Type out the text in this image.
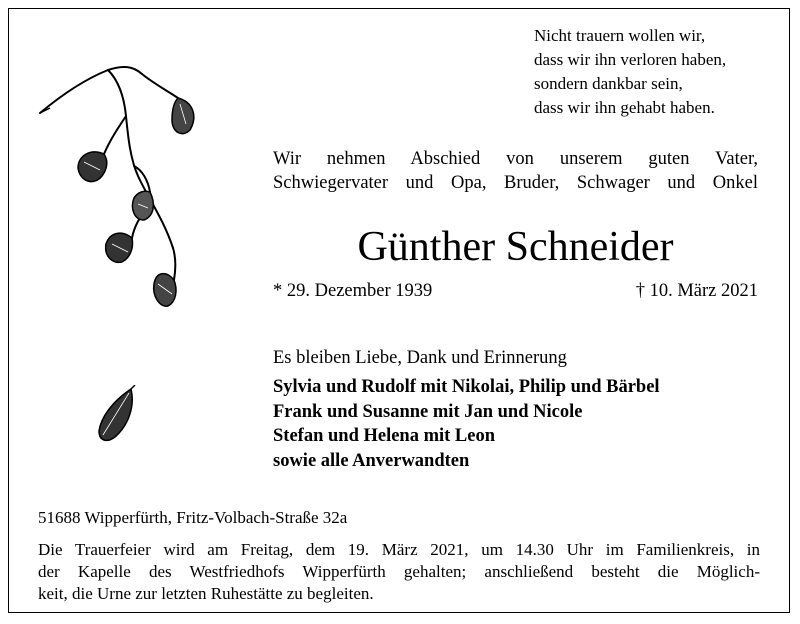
Nicht trauern wollen wir,
dass wir ihn verloren haben,
sondern dankbar sein,
dass wir ihn gehabt haben.
Wir nehmen Abschied von unserem guten Vater,
Schwiegervater und Opa, Bruder, Schwager und Onkel
Günther Schneider
* 29. Dezember 1939	† 10. März 2021
Es bleiben Liebe, Dank und Erinnerung
Sylvia und Rudolf mit Nikolai, Philip und Bärbel
Frank und Susanne mit Jan und Nicole
Stefan und Helena mit Leon
sowie alle Anverwandten
51688 Wipperfürth, Fritz-Volbach-Straße 32a
Die Trauerfeier wird am Freitag, dem 19. März 2021, um 14.30 Uhr im Familienkreis, in
der Kapelle des Westfriedhofs Wipperfürth gehalten; anschließend besteht die Möglich-
keit, die Urne zur letzten Ruhestätte zu begleiten.
